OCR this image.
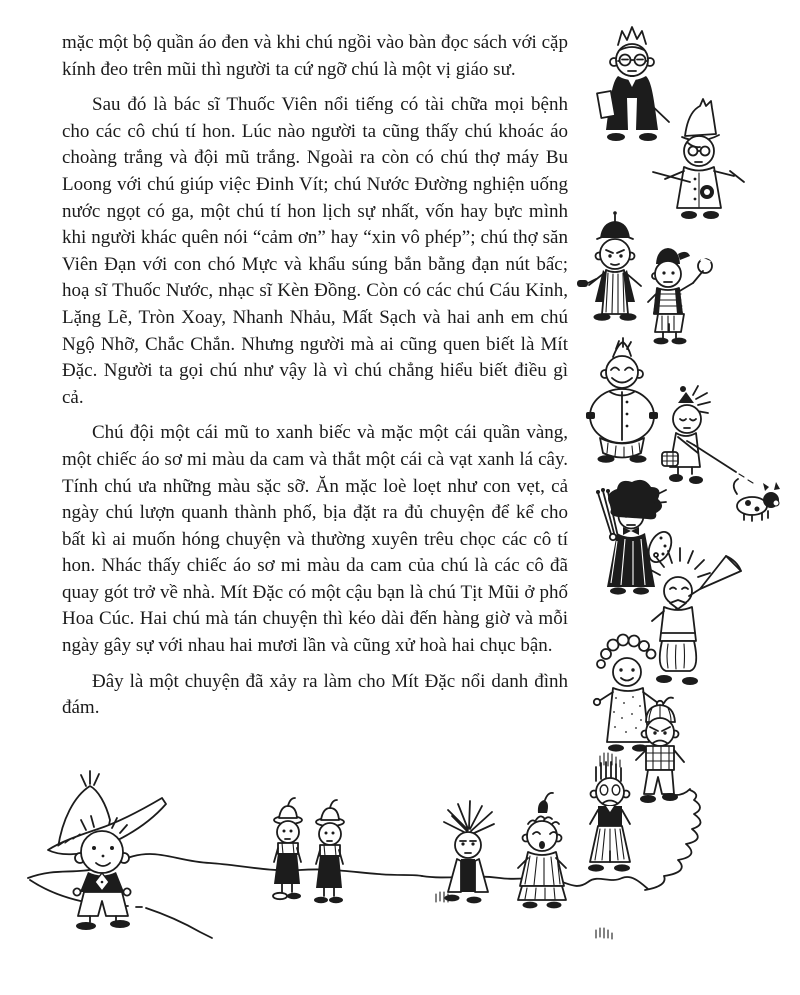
mặc một bộ quần áo đen và khi chú ngồi vào bàn đọc sách với cặp kính đeo trên mũi thì người ta cứ ngỡ chú là một vị giáo sư.

Sau đó là bác sĩ Thuốc Viên nổi tiếng có tài chữa mọi bệnh cho các cô chú tí hon. Lúc nào người ta cũng thấy chú khoác áo choàng trắng và đội mũ trắng. Ngoài ra còn có chú thợ máy Bu Loong với chú giúp việc Đinh Vít; chú Nước Đường nghiện uống nước ngọt có ga, một chú tí hon lịch sự nhất, vốn hay bực mình khi người khác quên nói “cảm ơn” hay “xin vô phép”; chú thợ săn Viên Đạn với con chó Mực và khẩu súng bắn bằng đạn nút bấc; hoạ sĩ Thuốc Nước, nhạc sĩ Kèn Đồng. Còn có các chú Cáu Kỉnh, Lặng Lẽ, Tròn Xoay, Nhanh Nhảu, Mất Sạch và hai anh em chú Ngộ Nhỡ, Chắc Chắn. Nhưng người mà ai cũng quen biết là Mít Đặc. Người ta gọi chú như vậy là vì chú chẳng hiểu biết điều gì cả.

Chú đội một cái mũ to xanh biếc và mặc một cái quần vàng, một chiếc áo sơ mi màu da cam và thắt một cái cà vạt xanh lá cây. Tính chú ưa những màu sặc sỡ. Ăn mặc loè loẹt như con vẹt, cả ngày chú lượn quanh thành phố, bịa đặt ra đủ chuyện để kể cho bất kì ai muốn hóng chuyện và thường xuyên trêu chọc các cô tí hon. Nhác thấy chiếc áo sơ mi màu da cam của chú là các cô đã quay gót trở về nhà. Mít Đặc có một cậu bạn là chú Tịt Mũi ở phố Hoa Cúc. Hai chú mà tán chuyện thì kéo dài đến hàng giờ và mỗi ngày gây sự với nhau hai mươi lần và cũng xử hoà hai chục bận.

Đây là một chuyện đã xảy ra làm cho Mít Đặc nổi danh đình đám.
